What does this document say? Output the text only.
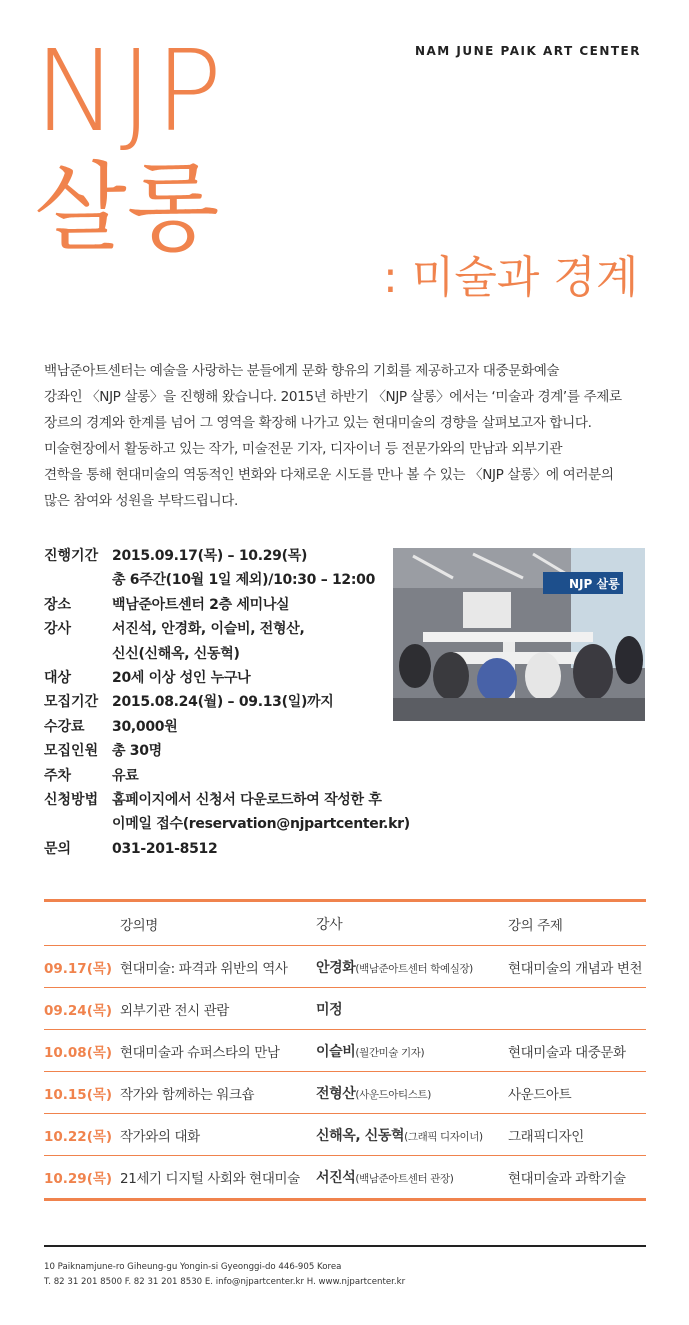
NAM JUNE PAIK ART CENTER
NJP
살롱
: 미술과 경계
백남준아트센터는 예술을 사랑하는 분들에게 문화 향유의 기회를 제공하고자 대중문화예술
강좌인 〈NJP 살롱〉을 진행해 왔습니다. 2015년 하반기 〈NJP 살롱〉에서는 ‘미술과 경계’를 주제로
장르의 경계와 한계를 넘어 그 영역을 확장해 나가고 있는 현대미술의 경향을 살펴보고자 합니다.
미술현장에서 활동하고 있는 작가, 미술전문 기자, 디자이너 등 전문가와의 만남과 외부기관
견학을 통해 현대미술의 역동적인 변화와 다채로운 시도를 만나 볼 수 있는 〈NJP 살롱〉에 여러분의
많은 참여와 성원을 부탁드립니다.
진행기간 2015.09.17(목) – 10.29(목)
총 6주간(10월 1일 제외)/10:30 – 12:00
장소	백남준아트센터 2층 세미나실
강사	서진석, 안경화, 이슬비, 전형산,
신신(신해옥, 신동혁)
대상	20세 이상 성인 누구나
모집기간 2015.08.24(월) – 09.13(일)까지
수강료	30,000원
모집인원 총 30명
주차	유료
신청방법 홈페이지에서 신청서 다운로드하여 작성한 후
이메일 접수(reservation@njpartcenter.kr)
문의	031-201-8512
NJP 살롱
강의명	강사	강의 주제
09.17(목) 현대미술: 파격과 위반의 역사	안경화(백남준아트센터 학예실장)	현대미술의 개념과 변천
09.24(목) 외부기관 전시 관람	미정
10.08(목) 현대미술과 슈퍼스타의 만남	이슬비(월간미술 기자)	현대미술과 대중문화
10.15(목) 작가와 함께하는 워크숍	전형산(사운드아티스트)	사운드아트
10.22(목) 작가와의 대화	신해옥, 신동혁(그래픽 디자이너)	그래픽디자인
10.29(목) 21세기 디지털 사회와 현대미술	서진석(백남준아트센터 관장)	현대미술과 과학기술
10 Paiknamjune-ro Giheung-gu Yongin-si Gyeonggi-do 446-905 Korea
T. 82 31 201 8500 F. 82 31 201 8530 E. info@njpartcenter.kr H. www.njpartcenter.kr
